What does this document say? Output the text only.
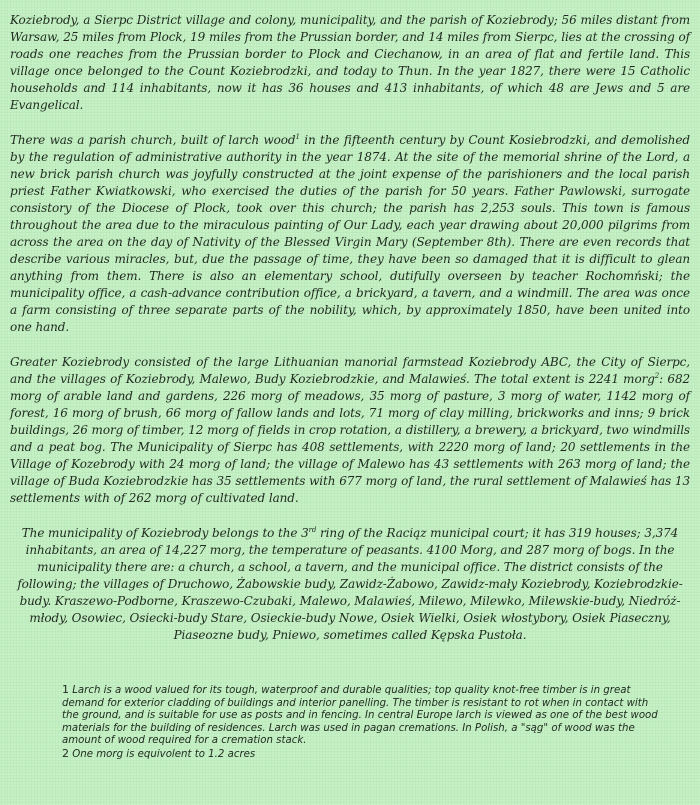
Koziebrody, a Sierpc District village and colony, municipality, and the parish of Koziebrody; 56 miles distant from Warsaw, 25 miles from Plock, 19 miles from the Prussian border, and 14 miles from Sierpc, lies at the crossing of roads one reaches from the Prussian border to Plock and Ciechanow, in an area of flat and fertile land. This village once belonged to the Count Koziebrodzki, and today to Thun. In the year 1827, there were 15 Catholic households and 114 inhabitants, now it has 36 houses and 413 inhabitants, of which 48 are Jews and 5 are Evangelical.

There was a parish church, built of larch wood$^1$ in the fifteenth century by Count Kosiebrodzki, and demolished by the regulation of administrative authority in the year 1874. At the site of the memorial shrine of the Lord, a new brick parish church was joyfully constructed at the joint expense of the parishioners and the local parish priest Father Kwiatkowski, who exercised the duties of the parish for 50 years. Father Pawlowski, surrogate consistory of the Diocese of Plock, took over this church; the parish has 2,253 souls. This town is famous throughout the area due to the miraculous painting of Our Lady, each year drawing about 20,000 pilgrims from across the area on the day of Nativity of the Blessed Virgin Mary (September 8th). There are even records that describe various miracles, but, due the passage of time, they have been so damaged that it is difficult to glean anything from them. There is also an elementary school, dutifully overseen by teacher Rochomński; the municipality office, a cash-advance contribution office, a brickyard, a tavern, and a windmill. The area was once a farm consisting of three separate parts of the nobility, which, by approximately 1850, have been united into one hand.

Greater Koziebrody consisted of the large Lithuanian manorial farmstead Koziebrody ABC, the City of Sierpc, and the villages of Koziebrody, Malewo, Budy Koziebrodzkie, and Malawieś. The total extent is 2241 morg$^2$: 682 morg of arable land and gardens, 226 morg of meadows, 35 morg of pasture, 3 morg of water, 1142 morg of forest, 16 morg of brush, 66 morg of fallow lands and lots, 71 morg of clay milling, brickworks and inns; 9 brick buildings, 26 morg of timber, 12 morg of fields in crop rotation, a distillery, a brewery, a brickyard, two windmills and a peat bog. The Municipality of Sierpc has 408 settlements, with 2220 morg of land; 20 settlements in the Village of Kozebrody with 24 morg of land; the village of Malewo has 43 settlements with 263 morg of land; the village of Buda Koziebrodzkie has 35 settlements with 677 morg of land, the rural settlement of Malawieś has 13 settlements with of 262 morg of cultivated land.

The municipality of Koziebrody belongs to the 3rd ring of the Raciąz municipal court; it has 319 houses; 3,374 inhabitants, an area of 14,227 morg, the temperature of peasants. 4100 Morg, and 287 morg of bogs. In the municipality there are: a church, a school, a tavern, and the municipal office. The district consists of the following; the villages of Druchowo, Żabowskie budy, Zawidz-Żabowo, Zawidz-mały Koziebrody, Koziebrodzkie-budy. Kraszewo-Podborne, Kraszewo-Czubaki, Malewo, Malawieś, Milewo, Milewko, Milewskie-budy, Niedróż-młody, Osowiec, Osiecki-budy Stare, Osieckie-budy Nowe, Osiek Wielki, Osiek włostybory, Osiek Piaseczny, Piaseozne budy, Pniewo, sometimes called Kępska Pustoła.

1 Larch is a wood valued for its tough, waterproof and durable qualities; top quality knot-free timber is in great demand for exterior cladding of buildings and interior panelling. The timber is resistant to rot when in contact with the ground, and is suitable for use as posts and in fencing. In central Europe larch is viewed as one of the best wood materials for the building of residences. Larch was used in pagan cremations. In Polish, a "sąg" of wood was the amount of wood required for a cremation stack.

2 One morg is equivolent to 1.2 acres
